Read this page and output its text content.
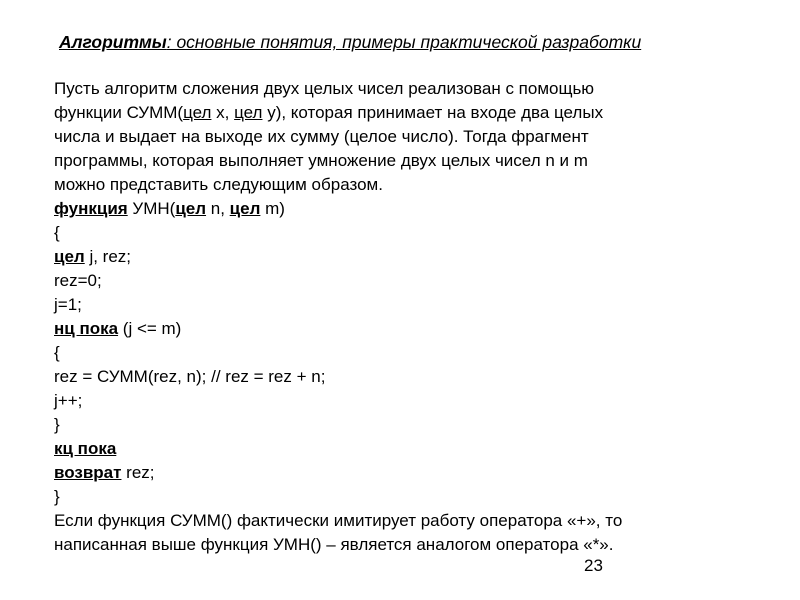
Алгоритмы: основные понятия, примеры практической разработки
Пусть алгоритм сложения двух целых чисел реализован с помощью
функции СУММ(цел x, цел y), которая принимает на входе два целых
числа и выдает на выходе их сумму (целое число). Тогда фрагмент
программы, которая выполняет умножение двух целых чисел n и m
можно представить следующим образом.
функция УМН(цел n, цел m)
{
цел j, rez;
rez=0;
j=1;
нц пока (j <= m)
{
rez = СУММ(rez, n); // rez = rez + n;
j++;
}
кц пока
возврат rez;
}
Если функция СУММ() фактически имитирует работу оператора «+», то
написанная выше функция УМН() – является аналогом оператора «*».
23
